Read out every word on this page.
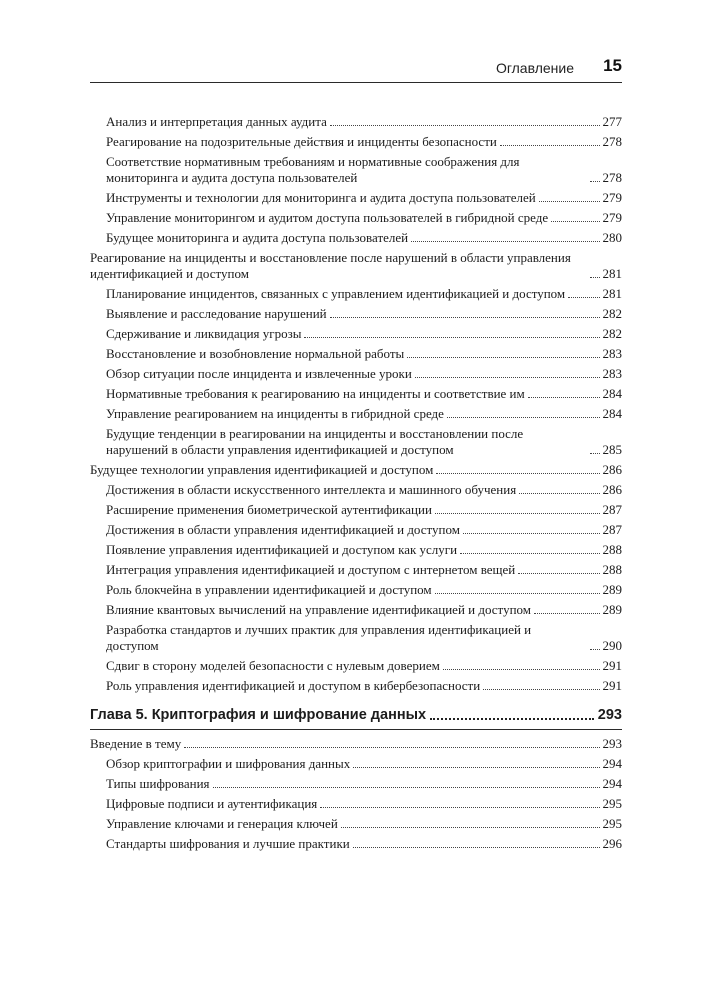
Оглавление 15
Анализ и интерпретация данных аудита	277
Реагирование на подозрительные действия и инциденты безопасности	278
Соответствие нормативным требованиям и нормативные соображения для мониторинга и аудита доступа пользователей	278
Инструменты и технологии для мониторинга и аудита доступа пользователей	279
Управление мониторингом и аудитом доступа пользователей в гибридной среде	279
Будущее мониторинга и аудита доступа пользователей	280
Реагирование на инциденты и восстановление после нарушений в области управления идентификацией и доступом	281
Планирование инцидентов, связанных с управлением идентификацией и доступом	281
Выявление и расследование нарушений	282
Сдерживание и ликвидация угрозы	282
Восстановление и возобновление нормальной работы	283
Обзор ситуации после инцидента и извлеченные уроки	283
Нормативные требования к реагированию на инциденты и соответствие им	284
Управление реагированием на инциденты в гибридной среде	284
Будущие тенденции в реагировании на инциденты и восстановлении после нарушений в области управления идентификацией и доступом	285
Будущее технологии управления идентификацией и доступом	286
Достижения в области искусственного интеллекта и машинного обучения	286
Расширение применения биометрической аутентификации	287
Достижения в области управления идентификацией и доступом	287
Появление управления идентификацией и доступом как услуги	288
Интеграция управления идентификацией и доступом с интернетом вещей	288
Роль блокчейна в управлении идентификацией и доступом	289
Влияние квантовых вычислений на управление идентификацией и доступом	289
Разработка стандартов и лучших практик для управления идентификацией и доступом	290
Сдвиг в сторону моделей безопасности с нулевым доверием	291
Роль управления идентификацией и доступом в кибербезопасности	291
Глава 5. Криптография и шифрование данных	293
Введение в тему	293
Обзор криптографии и шифрования данных	294
Типы шифрования	294
Цифровые подписи и аутентификация	295
Управление ключами и генерация ключей	295
Стандарты шифрования и лучшие практики	296
